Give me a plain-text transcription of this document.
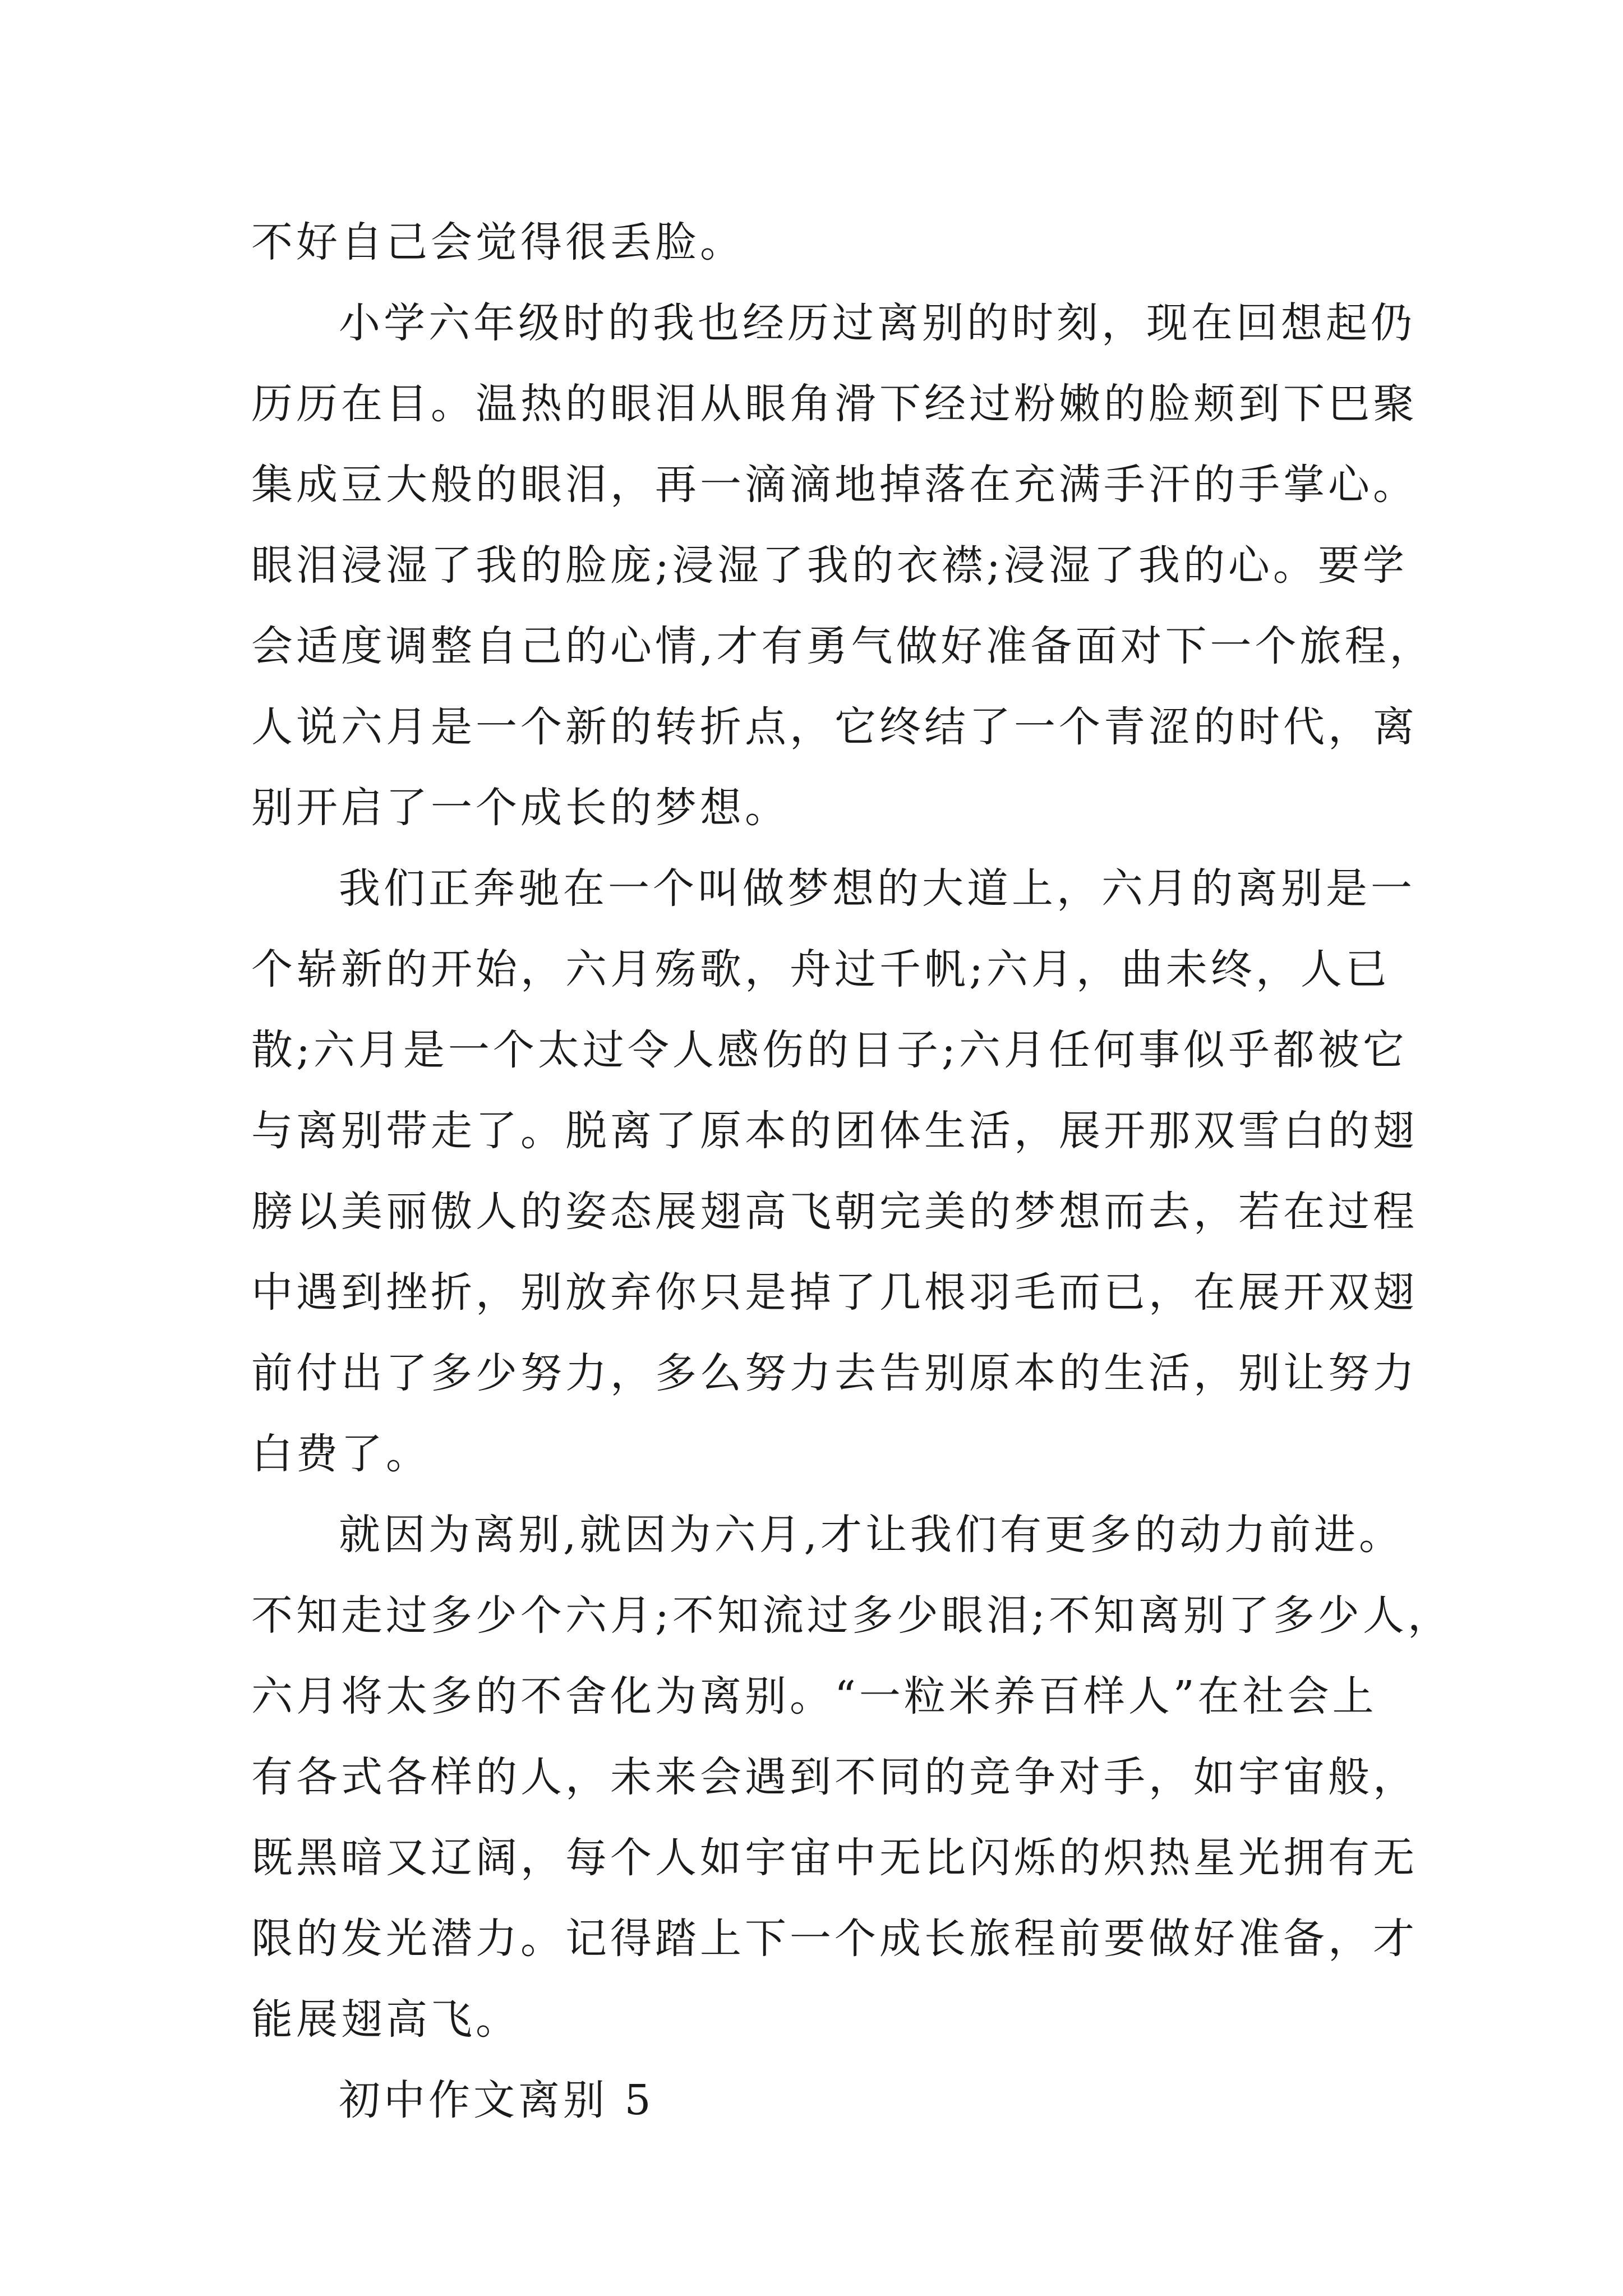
不好自己会觉得很丢脸。

小学六年级时的我也经历过离别的时刻，现在回想起仍
历历在目。温热的眼泪从眼角滑下经过粉嫩的脸颊到下巴聚
集成豆大般的眼泪，再一滴滴地掉落在充满手汗的手掌心。
眼泪浸湿了我的脸庞;浸湿了我的衣襟;浸湿了我的心。要学
会适度调整自己的心情,才有勇气做好准备面对下一个旅程，
人说六月是一个新的转折点，它终结了一个青涩的时代，离
别开启了一个成长的梦想。

我们正奔驰在一个叫做梦想的大道上，六月的离别是一
个崭新的开始，六月殇歌，舟过千帆;六月，曲未终，人已
散;六月是一个太过令人感伤的日子;六月任何事似乎都被它
与离别带走了。脱离了原本的团体生活，展开那双雪白的翅
膀以美丽傲人的姿态展翅高飞朝完美的梦想而去，若在过程
中遇到挫折，别放弃你只是掉了几根羽毛而已，在展开双翅
前付出了多少努力，多么努力去告别原本的生活，别让努力
白费了。

就因为离别,就因为六月,才让我们有更多的动力前进。
不知走过多少个六月;不知流过多少眼泪;不知离别了多少人，
六月将太多的不舍化为离别。“一粒米养百样人”在社会上
有各式各样的人，未来会遇到不同的竞争对手，如宇宙般，
既黑暗又辽阔，每个人如宇宙中无比闪烁的炽热星光拥有无
限的发光潜力。记得踏上下一个成长旅程前要做好准备，才
能展翅高飞。

初中作文离别 5
